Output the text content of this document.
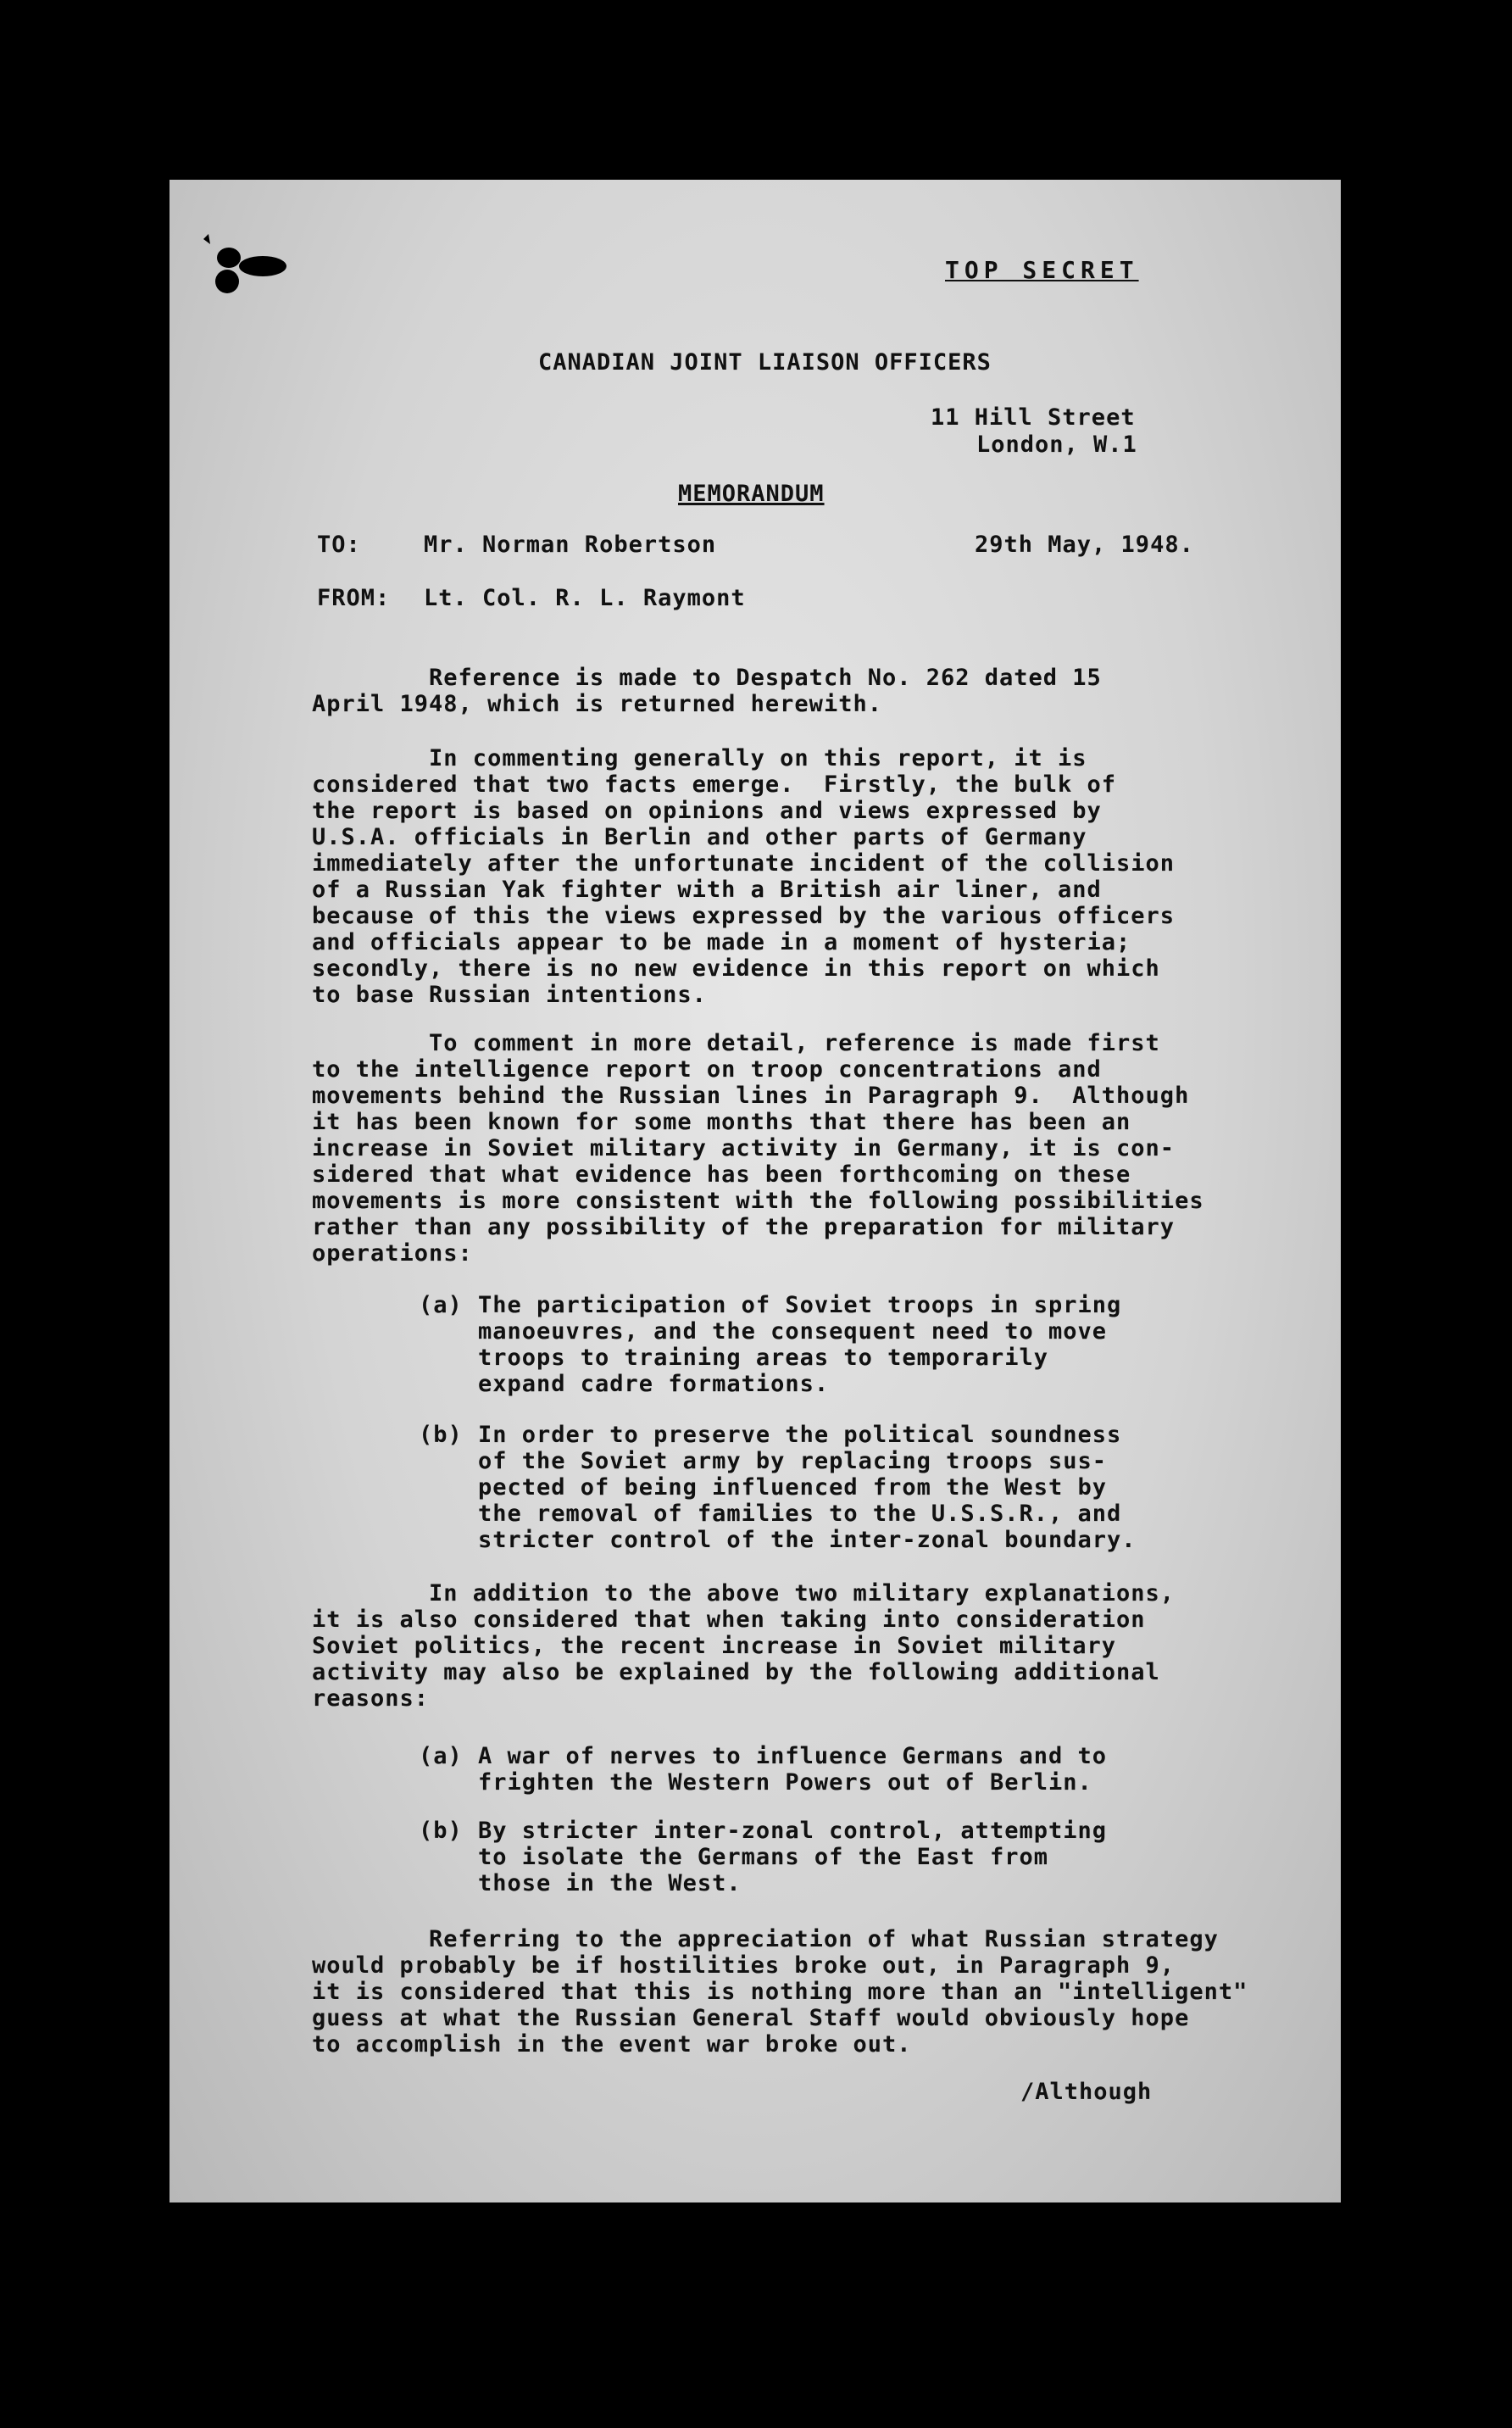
TOP SECRET
CANADIAN JOINT LIAISON OFFICERS
11 Hill Street
London, W.1
MEMORANDUM
TO:	Mr. Norman Robertson	29th May, 1948.
FROM: Lt. Col. R. L. Raymont
Reference is made to Despatch No. 262 dated 15
April 1948, which is returned herewith.
In commenting generally on this report, it is
considered that two facts emerge.  Firstly, the bulk of
the report is based on opinions and views expressed by
U.S.A. officials in Berlin and other parts of Germany
immediately after the unfortunate incident of the collision
of a Russian Yak fighter with a British air liner, and
because of this the views expressed by the various officers
and officials appear to be made in a moment of hysteria;
secondly, there is no new evidence in this report on which
to base Russian intentions.
To comment in more detail, reference is made first
to the intelligence report on troop concentrations and
movements behind the Russian lines in Paragraph 9.  Although
it has been known for some months that there has been an
increase in Soviet military activity in Germany, it is con-
sidered that what evidence has been forthcoming on these
movements is more consistent with the following possibilities
rather than any possibility of the preparation for military
operations:
(a) The participation of Soviet troops in spring
manoeuvres, and the consequent need to move
troops to training areas to temporarily
expand cadre formations.
(b) In order to preserve the political soundness
of the Soviet army by replacing troops sus-
pected of being influenced from the West by
the removal of families to the U.S.S.R., and
stricter control of the inter-zonal boundary.
In addition to the above two military explanations,
it is also considered that when taking into consideration
Soviet politics, the recent increase in Soviet military
activity may also be explained by the following additional
reasons:
(a) A war of nerves to influence Germans and to
frighten the Western Powers out of Berlin.
(b) By stricter inter-zonal control, attempting
to isolate the Germans of the East from
those in the West.
Referring to the appreciation of what Russian strategy
would probably be if hostilities broke out, in Paragraph 9,
it is considered that this is nothing more than an "intelligent"
guess at what the Russian General Staff would obviously hope
to accomplish in the event war broke out.
/Although
